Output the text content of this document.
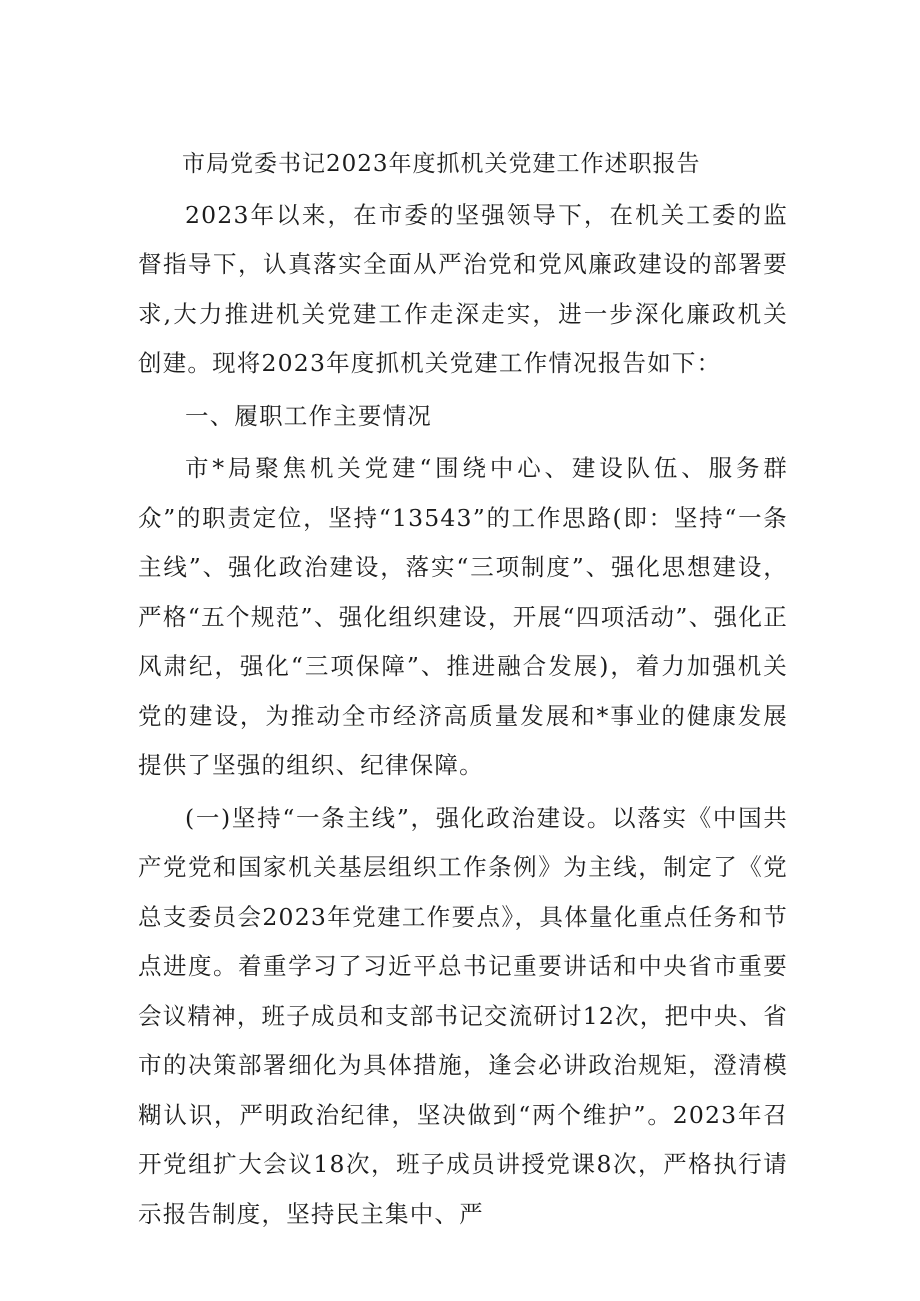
市局党委书记2023年度抓机关党建工作述职报告

2023年以来，在市委的坚强领导下，在机关工委的监督指导下，认真落实全面从严治党和党风廉政建设的部署要求,大力推进机关党建工作走深走实，进一步深化廉政机关创建。现将2023年度抓机关党建工作情况报告如下：

一、履职工作主要情况

市*局聚焦机关党建“围绕中心、建设队伍、服务群众”的职责定位，坚持“13543”的工作思路(即：坚持“一条主线”、强化政治建设，落实“三项制度”、强化思想建设，严格“五个规范”、强化组织建设，开展“四项活动”、强化正风肃纪，强化“三项保障”、推进融合发展)，着力加强机关党的建设，为推动全市经济高质量发展和*事业的健康发展提供了坚强的组织、纪律保障。

(一)坚持“一条主线”，强化政治建设。以落实《中国共产党党和国家机关基层组织工作条例》为主线，制定了《党总支委员会2023年党建工作要点》，具体量化重点任务和节点进度。着重学习了习近平总书记重要讲话和中央省市重要会议精神，班子成员和支部书记交流研讨12次，把中央、省市的决策部署细化为具体措施，逢会必讲政治规矩，澄清模糊认识，严明政治纪律，坚决做到“两个维护”。2023年召开党组扩大会议18次，班子成员讲授党课8次，严格执行请示报告制度，坚持民主集中、严
